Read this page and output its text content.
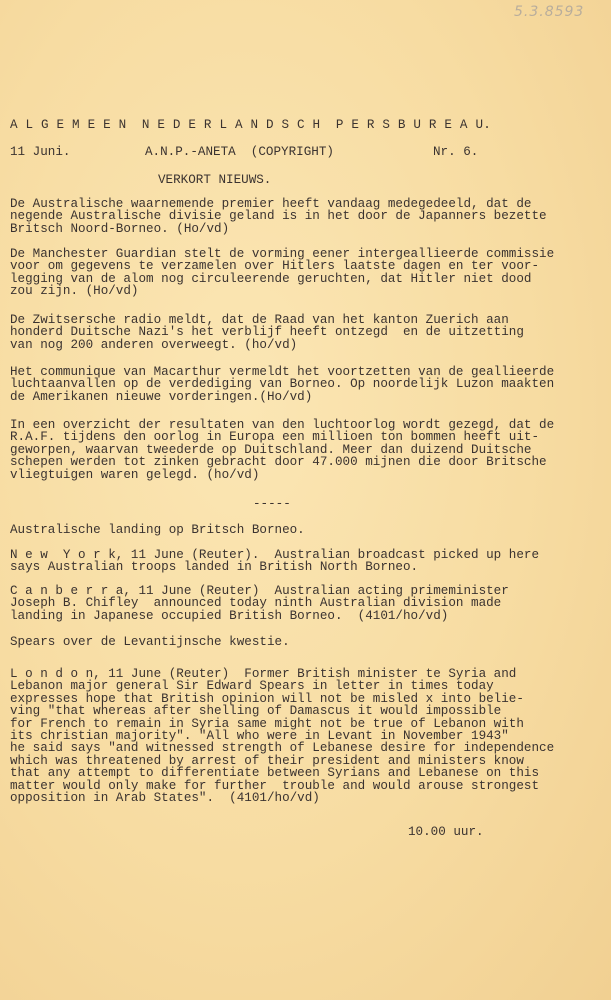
5.3.8593
A L G E M E E N  N E D E R L A N D S C H  P E R S B U R E A U.
11 Juni.	A.N.P.-ANETA  (COPYRIGHT)	Nr. 6.
VERKORT NIEUWS.
De Australische waarnemende premier heeft vandaag medegedeeld, dat de
negende Australische divisie geland is in het door de Japanners bezette
Britsch Noord-Borneo. (Ho/vd)
De Manchester Guardian stelt de vorming eener intergeallieerde commissie
voor om gegevens te verzamelen over Hitlers laatste dagen en ter voor-
legging van de alom nog circuleerende geruchten, dat Hitler niet dood
zou zijn. (Ho/vd)
De Zwitsersche radio meldt, dat de Raad van het kanton Zuerich aan
honderd Duitsche Nazi's het verblijf heeft ontzegd  en de uitzetting
van nog 200 anderen overweegt. (ho/vd)
Het communique van Macarthur vermeldt het voortzetten van de geallieerde
luchtaanvallen op de verdediging van Borneo. Op noordelijk Luzon maakten
de Amerikanen nieuwe vorderingen.(Ho/vd)
In een overzicht der resultaten van den luchtoorlog wordt gezegd, dat de
R.A.F. tijdens den oorlog in Europa een millioen ton bommen heeft uit-
geworpen, waarvan tweederde op Duitschland. Meer dan duizend Duitsche
schepen werden tot zinken gebracht door 47.000 mijnen die door Britsche
vliegtuigen waren gelegd. (ho/vd)
N e w  Y o r k, 11 June (Reuter).  Australian broadcast picked up here
says Australian troops landed in British North Borneo.
C a n b e r r a, 11 June (Reuter)  Australian acting primeminister
Joseph B. Chifley  announced today ninth Australian division made
landing in Japanese occupied British Borneo.  (4101/ho/vd)
L o n d o n, 11 June (Reuter)  Former British minister te Syria and
Lebanon major general Sir Edward Spears in letter in times today
expresses hope that British opinion will not be misled x into belie-
ving "that whereas after shelling of Damascus it would impossible
for French to remain in Syria same might not be true of Lebanon with
its christian majority". "All who were in Levant in November 1943"
he said says "and witnessed strength of Lebanese desire for independence
which was threatened by arrest of their president and ministers know
that any attempt to differentiate between Syrians and Lebanese on this
matter would only make for further  trouble and would arouse strongest
opposition in Arab States".  (4101/ho/vd)
-----
Australische landing op Britsch Borneo.
Spears over de Levantijnsche kwestie.
10.00 uur.
